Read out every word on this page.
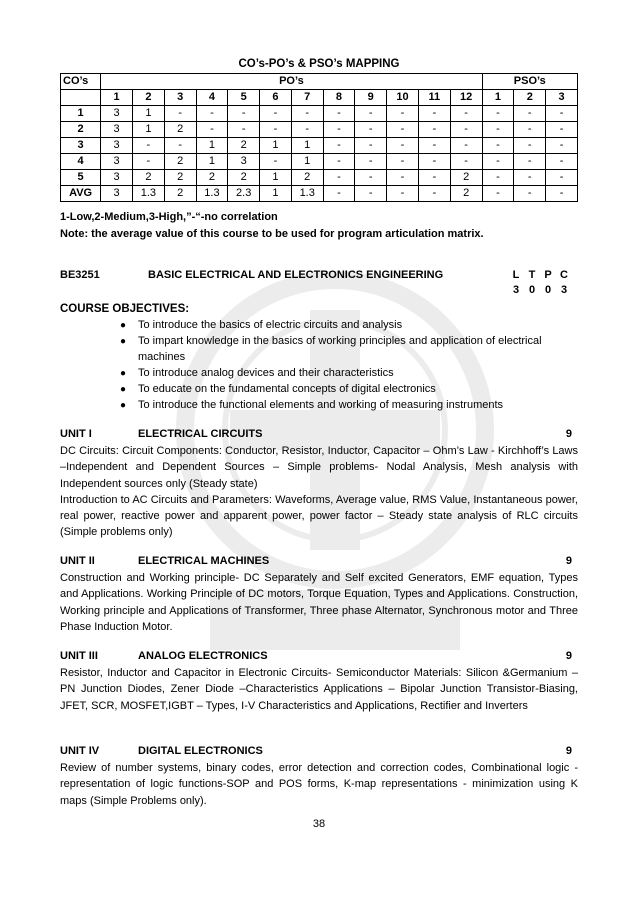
CO’s-PO’s & PSO’s MAPPING
CO’s	PO’s												PSO’s		
	1	2	3	4	5	6	7	8	9	10	11	12	1	2	3
1	3	1	-	-	-	-	-	-	-	-	-	-	-	-	-
2	3	1	2	-	-	-	-	-	-	-	-	-	-	-	-
3	3	-	-	1	2	1	1	-	-	-	-	-	-	-	-
4	3	-	2	1	3	-	1	-	-	-	-	-	-	-	-
5	3	2	2	2	2	1	2	-	-	-	-	2	-	-	-
AVG	3	1.3	2	1.3	2.3	1	1.3	-	-	-	-	2	-	-	-
1-Low,2-Medium,3-High,”-“-no correlation
Note: the average value of this course to be used for program articulation matrix.
BE3251	BASIC ELECTRICAL AND ELECTRONICS ENGINEERING	L T P C
3 0 0 3
COURSE OBJECTIVES:
● To introduce the basics of electric circuits and analysis
● To impart knowledge in the basics of working principles and application of electrical machines
● To introduce analog devices and their characteristics
● To educate on the fundamental concepts of digital electronics
● To introduce the functional elements and working of measuring instruments
UNIT I	ELECTRICAL CIRCUITS	9

DC Circuits: Circuit Components: Conductor, Resistor, Inductor, Capacitor – Ohm’s Law - Kirchhoff’s Laws –Independent and Dependent Sources – Simple problems- Nodal Analysis, Mesh analysis with Independent sources only (Steady state)

Introduction to AC Circuits and Parameters: Waveforms, Average value, RMS Value, Instantaneous power, real power, reactive power and apparent power, power factor – Steady state analysis of RLC circuits (Simple problems only)

UNIT II	ELECTRICAL MACHINES	9

Construction and Working principle- DC Separately and Self excited Generators, EMF equation, Types and Applications. Working Principle of DC motors, Torque Equation, Types and Applications. Construction, Working principle and Applications of Transformer, Three phase Alternator, Synchronous motor and Three Phase Induction Motor.

UNIT III	ANALOG ELECTRONICS	9

Resistor, Inductor and Capacitor in Electronic Circuits- Semiconductor Materials: Silicon &Germanium – PN Junction Diodes, Zener Diode –Characteristics Applications – Bipolar Junction Transistor-Biasing, JFET, SCR, MOSFET,IGBT – Types, I-V Characteristics and Applications, Rectifier and Inverters

UNIT IV	DIGITAL ELECTRONICS	9

Review of number systems, binary codes, error detection and correction codes, Combinational logic - representation of logic functions-SOP and POS forms, K-map representations - minimization using K maps (Simple Problems only).

38
